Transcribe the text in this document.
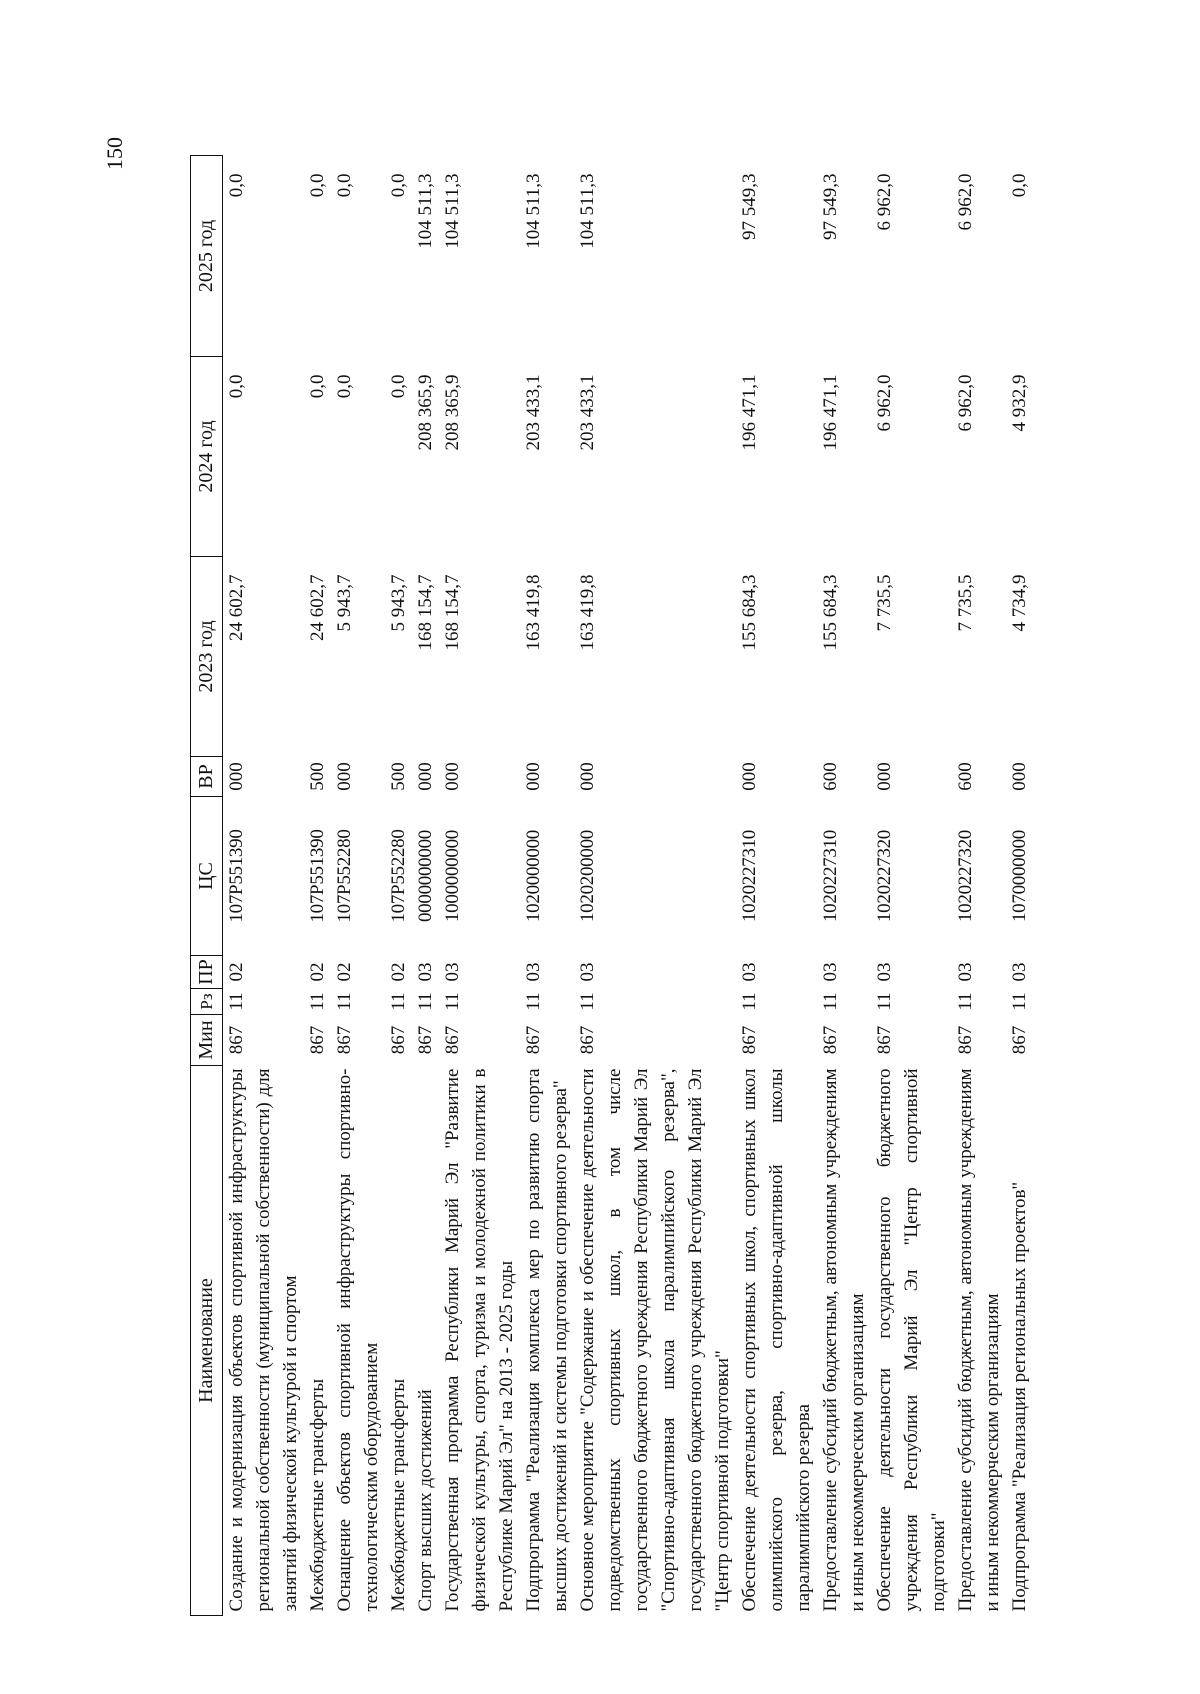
150
Наименование	Мин	Рз	ПР	ЦС	ВР	2023 год	2024 год	2025 год
Создание и модернизация объектов спортивной инфраструктуры региональной собственности (муниципальной собственности) для занятий физической культурой и спортом	867	11	02	107P551390	000	24 602,7	0,0	0,0
Межбюджетные трансферты	867	11	02	107P551390	500	24 602,7	0,0	0,0
Оснащение объектов спортивной инфраструктуры спортивно-технологическим оборудованием	867	11	02	107P552280	000	5 943,7	0,0	0,0
Межбюджетные трансферты	867	11	02	107P552280	500	5 943,7	0,0	0,0
Спорт высших достижений	867	11	03	0000000000	000	168 154,7	208 365,9	104 511,3
Государственная программа Республики Марий Эл "Развитие физической культуры, спорта, туризма и молодежной политики в Республике Марий Эл" на 2013 - 2025 годы	867	11	03	1000000000	000	168 154,7	208 365,9	104 511,3
Подпрограмма "Реализация комплекса мер по развитию спорта высших достижений и системы подготовки спортивного резерва"	867	11	03	1020000000	000	163 419,8	203 433,1	104 511,3
Основное мероприятие "Содержание и обеспечение деятельности подведомственных спортивных школ, в том числе государственного бюджетного учреждения Республики Марий Эл "Спортивно-адаптивная школа паралимпийского резерва", государственного бюджетного учреждения Республики Марий Эл "Центр спортивной подготовки"	867	11	03	1020200000	000	163 419,8	203 433,1	104 511,3
Обеспечение деятельности спортивных школ, спортивных школ олимпийского резерва, спортивно-адаптивной школы паралимпийского резерва	867	11	03	1020227310	000	155 684,3	196 471,1	97 549,3
Предоставление субсидий бюджетным, автономным учреждениям и иным некоммерческим организациям	867	11	03	1020227310	600	155 684,3	196 471,1	97 549,3
Обеспечение деятельности государственного бюджетного учреждения Республики Марий Эл "Центр спортивной подготовки"	867	11	03	1020227320	000	7 735,5	6 962,0	6 962,0
Предоставление субсидий бюджетным, автономным учреждениям и иным некоммерческим организациям	867	11	03	1020227320	600	7 735,5	6 962,0	6 962,0
Подпрограмма "Реализация региональных проектов"	867	11	03	1070000000	000	4 734,9	4 932,9	0,0
